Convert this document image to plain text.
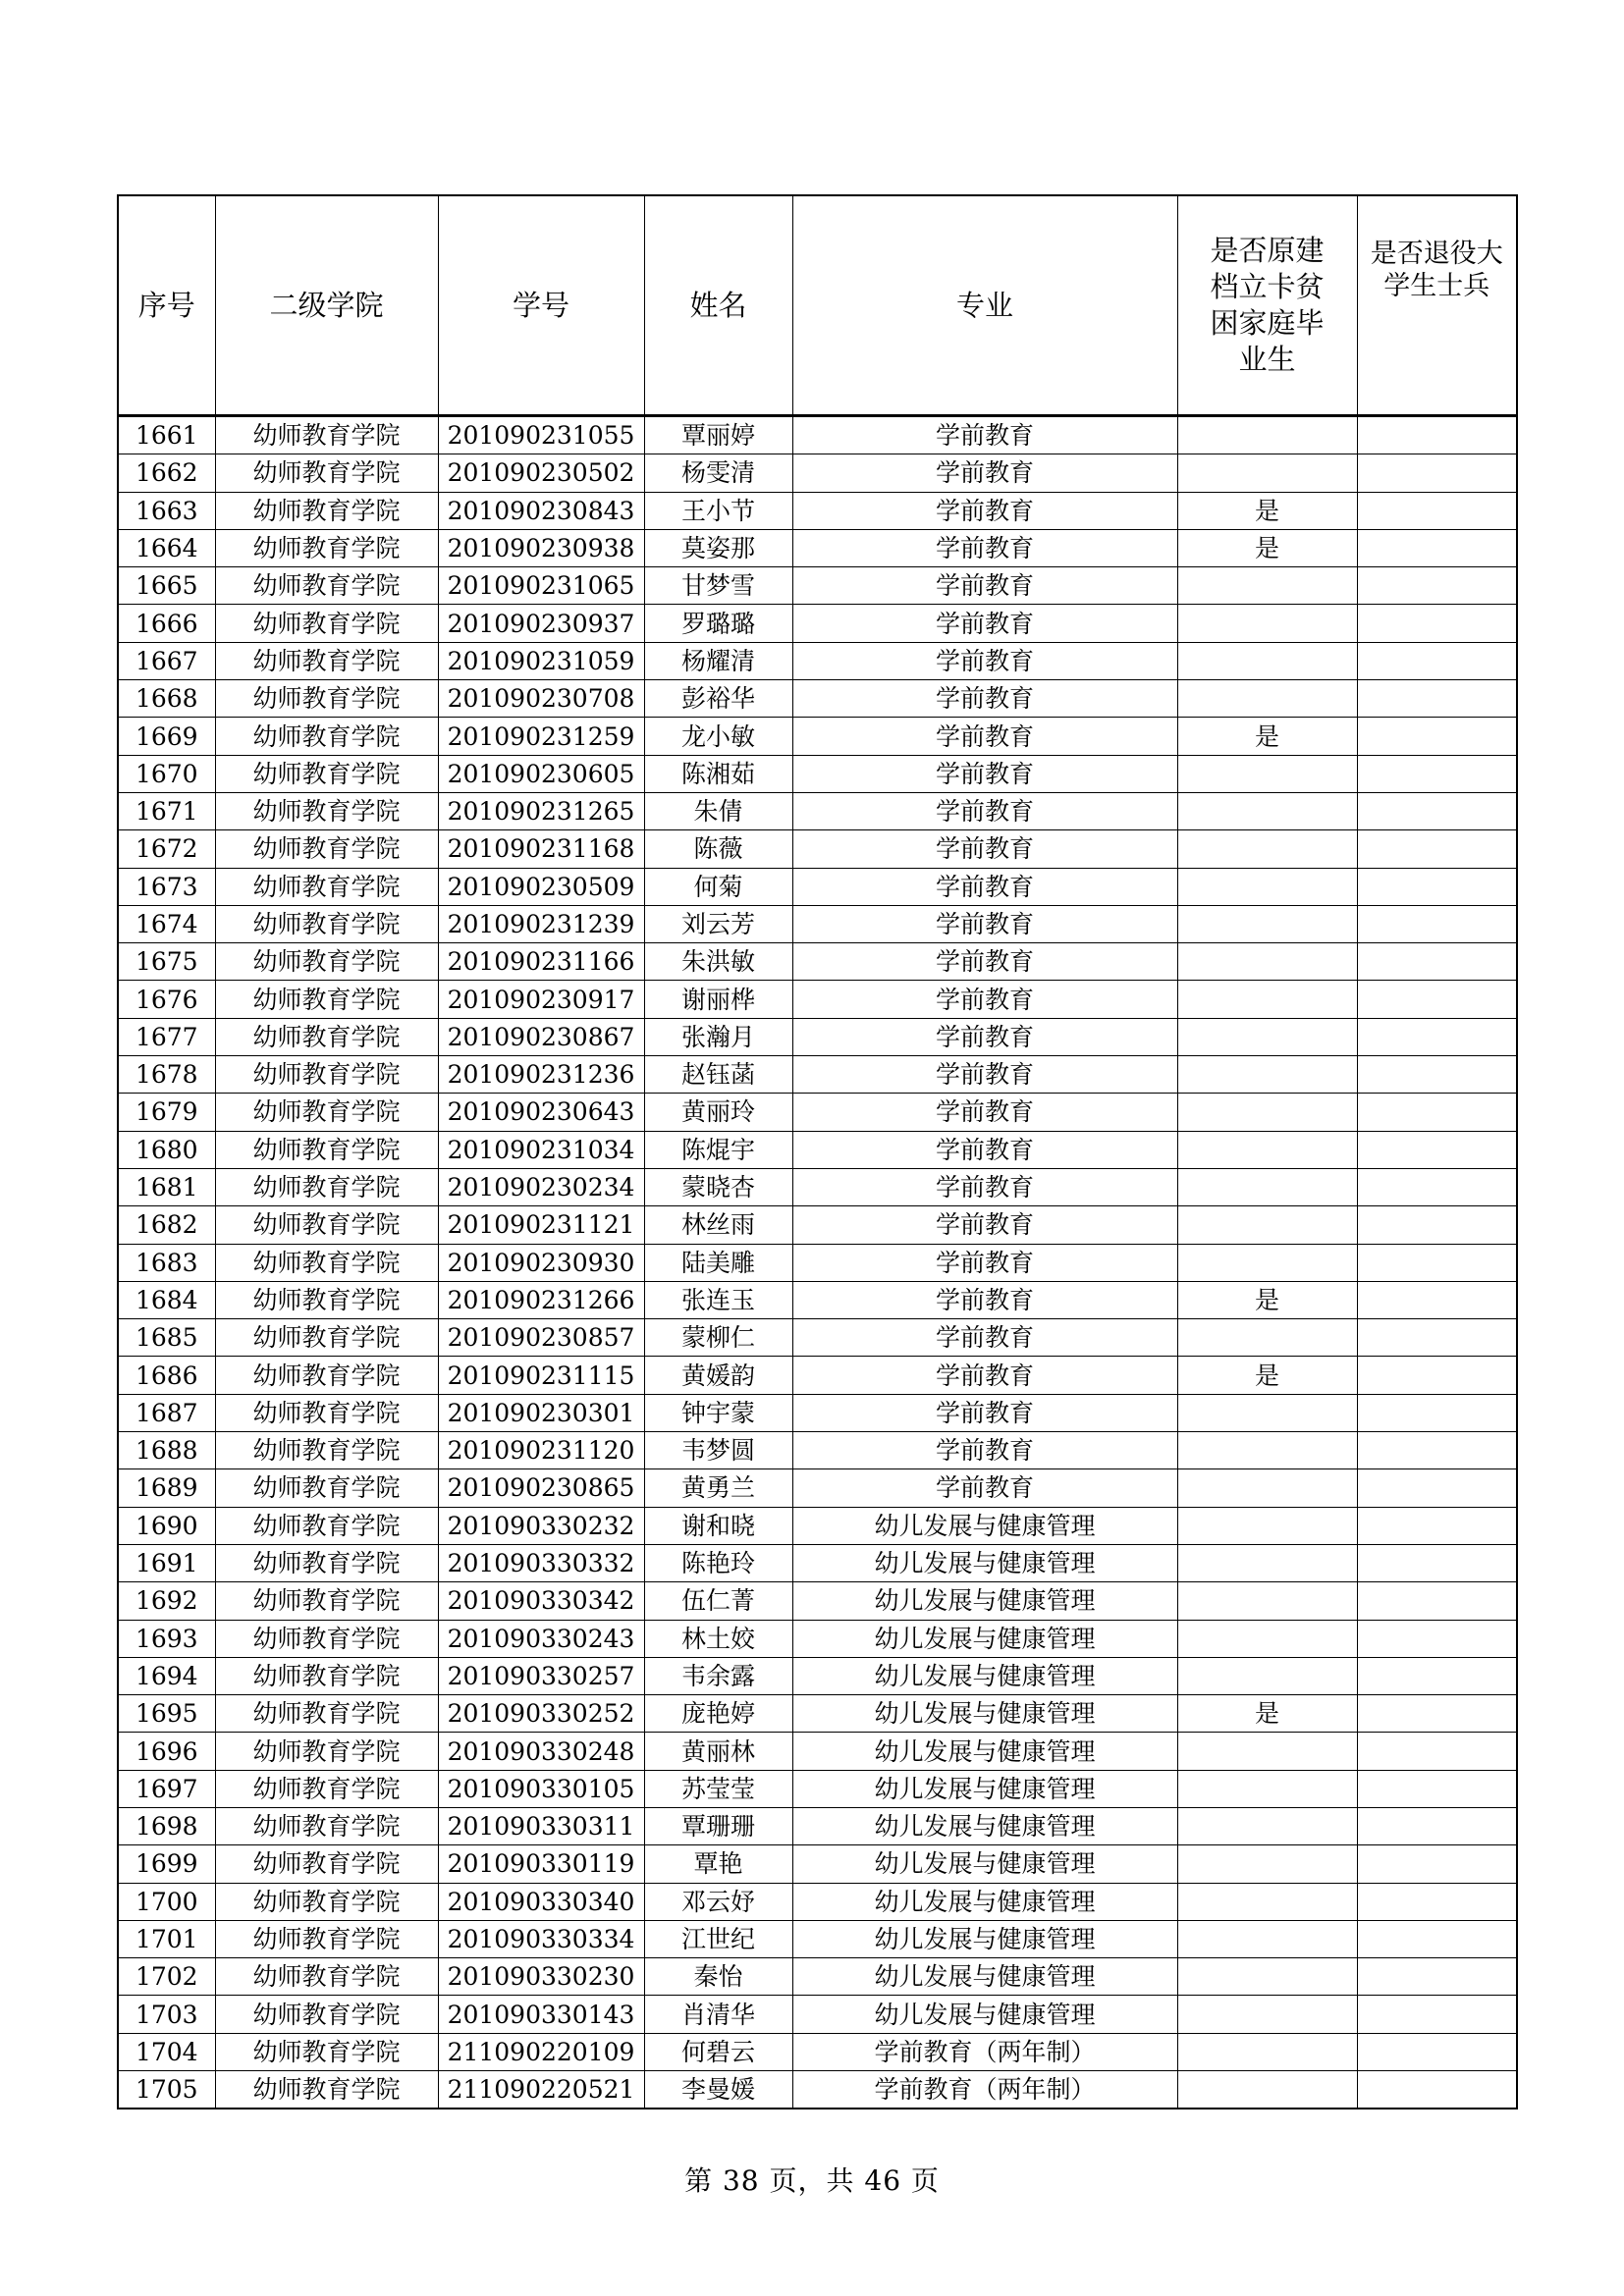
序号	二级学院	学号	姓名	专业	是否原建档立卡贫困家庭毕业生	是否退役大学生士兵

1661	幼师教育学院	201090231055	覃丽婷	学前教育		
1662	幼师教育学院	201090230502	杨雯清	学前教育		
1663	幼师教育学院	201090230843	王小节	学前教育	是	
1664	幼师教育学院	201090230938	莫姿那	学前教育	是	
1665	幼师教育学院	201090231065	甘梦雪	学前教育		
1666	幼师教育学院	201090230937	罗璐璐	学前教育		
1667	幼师教育学院	201090231059	杨耀清	学前教育		
1668	幼师教育学院	201090230708	彭裕华	学前教育		
1669	幼师教育学院	201090231259	龙小敏	学前教育	是	
1670	幼师教育学院	201090230605	陈湘茹	学前教育		
1671	幼师教育学院	201090231265	朱倩	学前教育		
1672	幼师教育学院	201090231168	陈薇	学前教育		
1673	幼师教育学院	201090230509	何菊	学前教育		
1674	幼师教育学院	201090231239	刘云芳	学前教育		
1675	幼师教育学院	201090231166	朱洪敏	学前教育		
1676	幼师教育学院	201090230917	谢丽桦	学前教育		
1677	幼师教育学院	201090230867	张瀚月	学前教育		
1678	幼师教育学院	201090231236	赵钰菡	学前教育		
1679	幼师教育学院	201090230643	黄丽玲	学前教育		
1680	幼师教育学院	201090231034	陈焜宇	学前教育		
1681	幼师教育学院	201090230234	蒙晓杏	学前教育		
1682	幼师教育学院	201090231121	林丝雨	学前教育		
1683	幼师教育学院	201090230930	陆美雕	学前教育		
1684	幼师教育学院	201090231266	张连玉	学前教育	是	
1685	幼师教育学院	201090230857	蒙柳仁	学前教育		
1686	幼师教育学院	201090231115	黄媛韵	学前教育	是	
1687	幼师教育学院	201090230301	钟宇蒙	学前教育		
1688	幼师教育学院	201090231120	韦梦圆	学前教育		
1689	幼师教育学院	201090230865	黄勇兰	学前教育		
1690	幼师教育学院	201090330232	谢和晓	幼儿发展与健康管理		
1691	幼师教育学院	201090330332	陈艳玲	幼儿发展与健康管理		
1692	幼师教育学院	201090330342	伍仁菁	幼儿发展与健康管理		
1693	幼师教育学院	201090330243	林土姣	幼儿发展与健康管理		
1694	幼师教育学院	201090330257	韦余露	幼儿发展与健康管理		
1695	幼师教育学院	201090330252	庞艳婷	幼儿发展与健康管理	是	
1696	幼师教育学院	201090330248	黄丽林	幼儿发展与健康管理		
1697	幼师教育学院	201090330105	苏莹莹	幼儿发展与健康管理		
1698	幼师教育学院	201090330311	覃珊珊	幼儿发展与健康管理		
1699	幼师教育学院	201090330119	覃艳	幼儿发展与健康管理		
1700	幼师教育学院	201090330340	邓云妤	幼儿发展与健康管理		
1701	幼师教育学院	201090330334	江世纪	幼儿发展与健康管理		
1702	幼师教育学院	201090330230	秦怡	幼儿发展与健康管理		
1703	幼师教育学院	201090330143	肖清华	幼儿发展与健康管理		
1704	幼师教育学院	211090220109	何碧云	学前教育（两年制）		
1705	幼师教育学院	211090220521	李曼媛	学前教育（两年制）		
第 38 页，共 46 页
